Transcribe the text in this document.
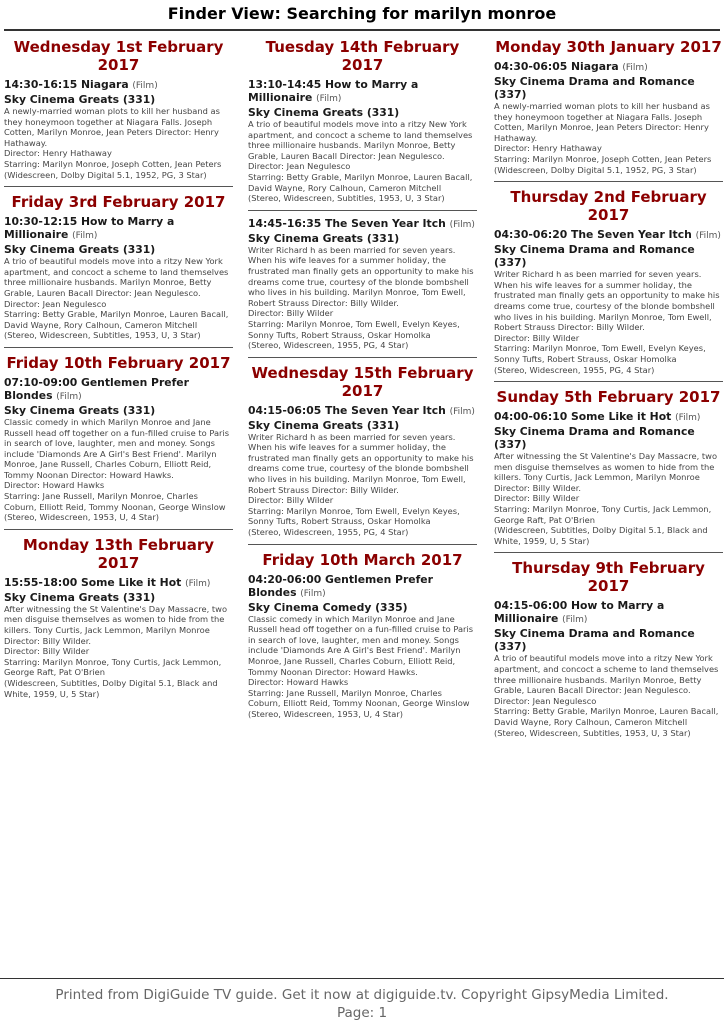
Finder View: Searching for marilyn monroe
Wednesday 1st February 2017
14:30-16:15 Niagara (Film)
Sky Cinema Greats (331)
A newly-married woman plots to kill her husband as they honeymoon together at Niagara Falls. Joseph Cotten, Marilyn Monroe, Jean Peters Director: Henry Hathaway.
Director: Henry Hathaway
Starring: Marilyn Monroe, Joseph Cotten, Jean Peters
(Widescreen, Dolby Digital 5.1, 1952, PG, 3 Star)
Friday 3rd February 2017
10:30-12:15 How to Marry a Millionaire (Film)
Sky Cinema Greats (331)
A trio of beautiful models move into a ritzy New York apartment, and concoct a scheme to land themselves three millionaire husbands. Marilyn Monroe, Betty Grable, Lauren Bacall Director: Jean Negulesco.
Director: Jean Negulesco
Starring: Betty Grable, Marilyn Monroe, Lauren Bacall, David Wayne, Rory Calhoun, Cameron Mitchell
(Stereo, Widescreen, Subtitles, 1953, U, 3 Star)
Friday 10th February 2017
07:10-09:00 Gentlemen Prefer Blondes (Film)
Sky Cinema Greats (331)
Classic comedy in which Marilyn Monroe and Jane Russell head off together on a fun-filled cruise to Paris in search of love, laughter, men and money. Songs include 'Diamonds Are A Girl's Best Friend'. Marilyn Monroe, Jane Russell, Charles Coburn, Elliott Reid, Tommy Noonan Director: Howard Hawks.
Director: Howard Hawks
Starring: Jane Russell, Marilyn Monroe, Charles Coburn, Elliott Reid, Tommy Noonan, George Winslow
(Stereo, Widescreen, 1953, U, 4 Star)
Monday 13th February 2017
15:55-18:00 Some Like it Hot (Film)
Sky Cinema Greats (331)
After witnessing the St Valentine's Day Massacre, two men disguise themselves as women to hide from the killers. Tony Curtis, Jack Lemmon, Marilyn Monroe Director: Billy Wilder.
Director: Billy Wilder
Starring: Marilyn Monroe, Tony Curtis, Jack Lemmon, George Raft, Pat O'Brien
(Widescreen, Subtitles, Dolby Digital 5.1, Black and White, 1959, U, 5 Star)
Tuesday 14th February 2017
13:10-14:45 How to Marry a Millionaire (Film)
Sky Cinema Greats (331)
A trio of beautiful models move into a ritzy New York apartment, and concoct a scheme to land themselves three millionaire husbands. Marilyn Monroe, Betty Grable, Lauren Bacall Director: Jean Negulesco.
Director: Jean Negulesco
Starring: Betty Grable, Marilyn Monroe, Lauren Bacall, David Wayne, Rory Calhoun, Cameron Mitchell
(Stereo, Widescreen, Subtitles, 1953, U, 3 Star)
14:45-16:35 The Seven Year Itch (Film)
Sky Cinema Greats (331)
Writer Richard h as been married for seven years. When his wife leaves for a summer holiday, the frustrated man finally gets an opportunity to make his dreams come true, courtesy of the blonde bombshell who lives in his building. Marilyn Monroe, Tom Ewell, Robert Strauss Director: Billy Wilder.
Director: Billy Wilder
Starring: Marilyn Monroe, Tom Ewell, Evelyn Keyes, Sonny Tufts, Robert Strauss, Oskar Homolka
(Stereo, Widescreen, 1955, PG, 4 Star)
Wednesday 15th February 2017
04:15-06:05 The Seven Year Itch (Film)
Sky Cinema Greats (331)
Writer Richard h as been married for seven years. When his wife leaves for a summer holiday, the frustrated man finally gets an opportunity to make his dreams come true, courtesy of the blonde bombshell who lives in his building. Marilyn Monroe, Tom Ewell, Robert Strauss Director: Billy Wilder.
Director: Billy Wilder
Starring: Marilyn Monroe, Tom Ewell, Evelyn Keyes, Sonny Tufts, Robert Strauss, Oskar Homolka
(Stereo, Widescreen, 1955, PG, 4 Star)
Friday 10th March 2017
04:20-06:00 Gentlemen Prefer Blondes (Film)
Sky Cinema Comedy (335)
Classic comedy in which Marilyn Monroe and Jane Russell head off together on a fun-filled cruise to Paris in search of love, laughter, men and money. Songs include 'Diamonds Are A Girl's Best Friend'. Marilyn Monroe, Jane Russell, Charles Coburn, Elliott Reid, Tommy Noonan Director: Howard Hawks.
Director: Howard Hawks
Starring: Jane Russell, Marilyn Monroe, Charles Coburn, Elliott Reid, Tommy Noonan, George Winslow
(Stereo, Widescreen, 1953, U, 4 Star)
Monday 30th January 2017
04:30-06:05 Niagara (Film)
Sky Cinema Drama and Romance (337)
A newly-married woman plots to kill her husband as they honeymoon together at Niagara Falls. Joseph Cotten, Marilyn Monroe, Jean Peters Director: Henry Hathaway.
Director: Henry Hathaway
Starring: Marilyn Monroe, Joseph Cotten, Jean Peters
(Widescreen, Dolby Digital 5.1, 1952, PG, 3 Star)
Thursday 2nd February 2017
04:30-06:20 The Seven Year Itch (Film)
Sky Cinema Drama and Romance (337)
Writer Richard h as been married for seven years. When his wife leaves for a summer holiday, the frustrated man finally gets an opportunity to make his dreams come true, courtesy of the blonde bombshell who lives in his building. Marilyn Monroe, Tom Ewell, Robert Strauss Director: Billy Wilder.
Director: Billy Wilder
Starring: Marilyn Monroe, Tom Ewell, Evelyn Keyes, Sonny Tufts, Robert Strauss, Oskar Homolka
(Stereo, Widescreen, 1955, PG, 4 Star)
Sunday 5th February 2017
04:00-06:10 Some Like it Hot (Film)
Sky Cinema Drama and Romance (337)
After witnessing the St Valentine's Day Massacre, two men disguise themselves as women to hide from the killers. Tony Curtis, Jack Lemmon, Marilyn Monroe Director: Billy Wilder.
Director: Billy Wilder
Starring: Marilyn Monroe, Tony Curtis, Jack Lemmon, George Raft, Pat O'Brien
(Widescreen, Subtitles, Dolby Digital 5.1, Black and White, 1959, U, 5 Star)
Thursday 9th February 2017
04:15-06:00 How to Marry a Millionaire (Film)
Sky Cinema Drama and Romance (337)
A trio of beautiful models move into a ritzy New York apartment, and concoct a scheme to land themselves three millionaire husbands. Marilyn Monroe, Betty Grable, Lauren Bacall Director: Jean Negulesco.
Director: Jean Negulesco
Starring: Betty Grable, Marilyn Monroe, Lauren Bacall, David Wayne, Rory Calhoun, Cameron Mitchell
(Stereo, Widescreen, Subtitles, 1953, U, 3 Star)
Printed from DigiGuide TV guide. Get it now at digiguide.tv. Copyright GipsyMedia Limited. Page: 1
